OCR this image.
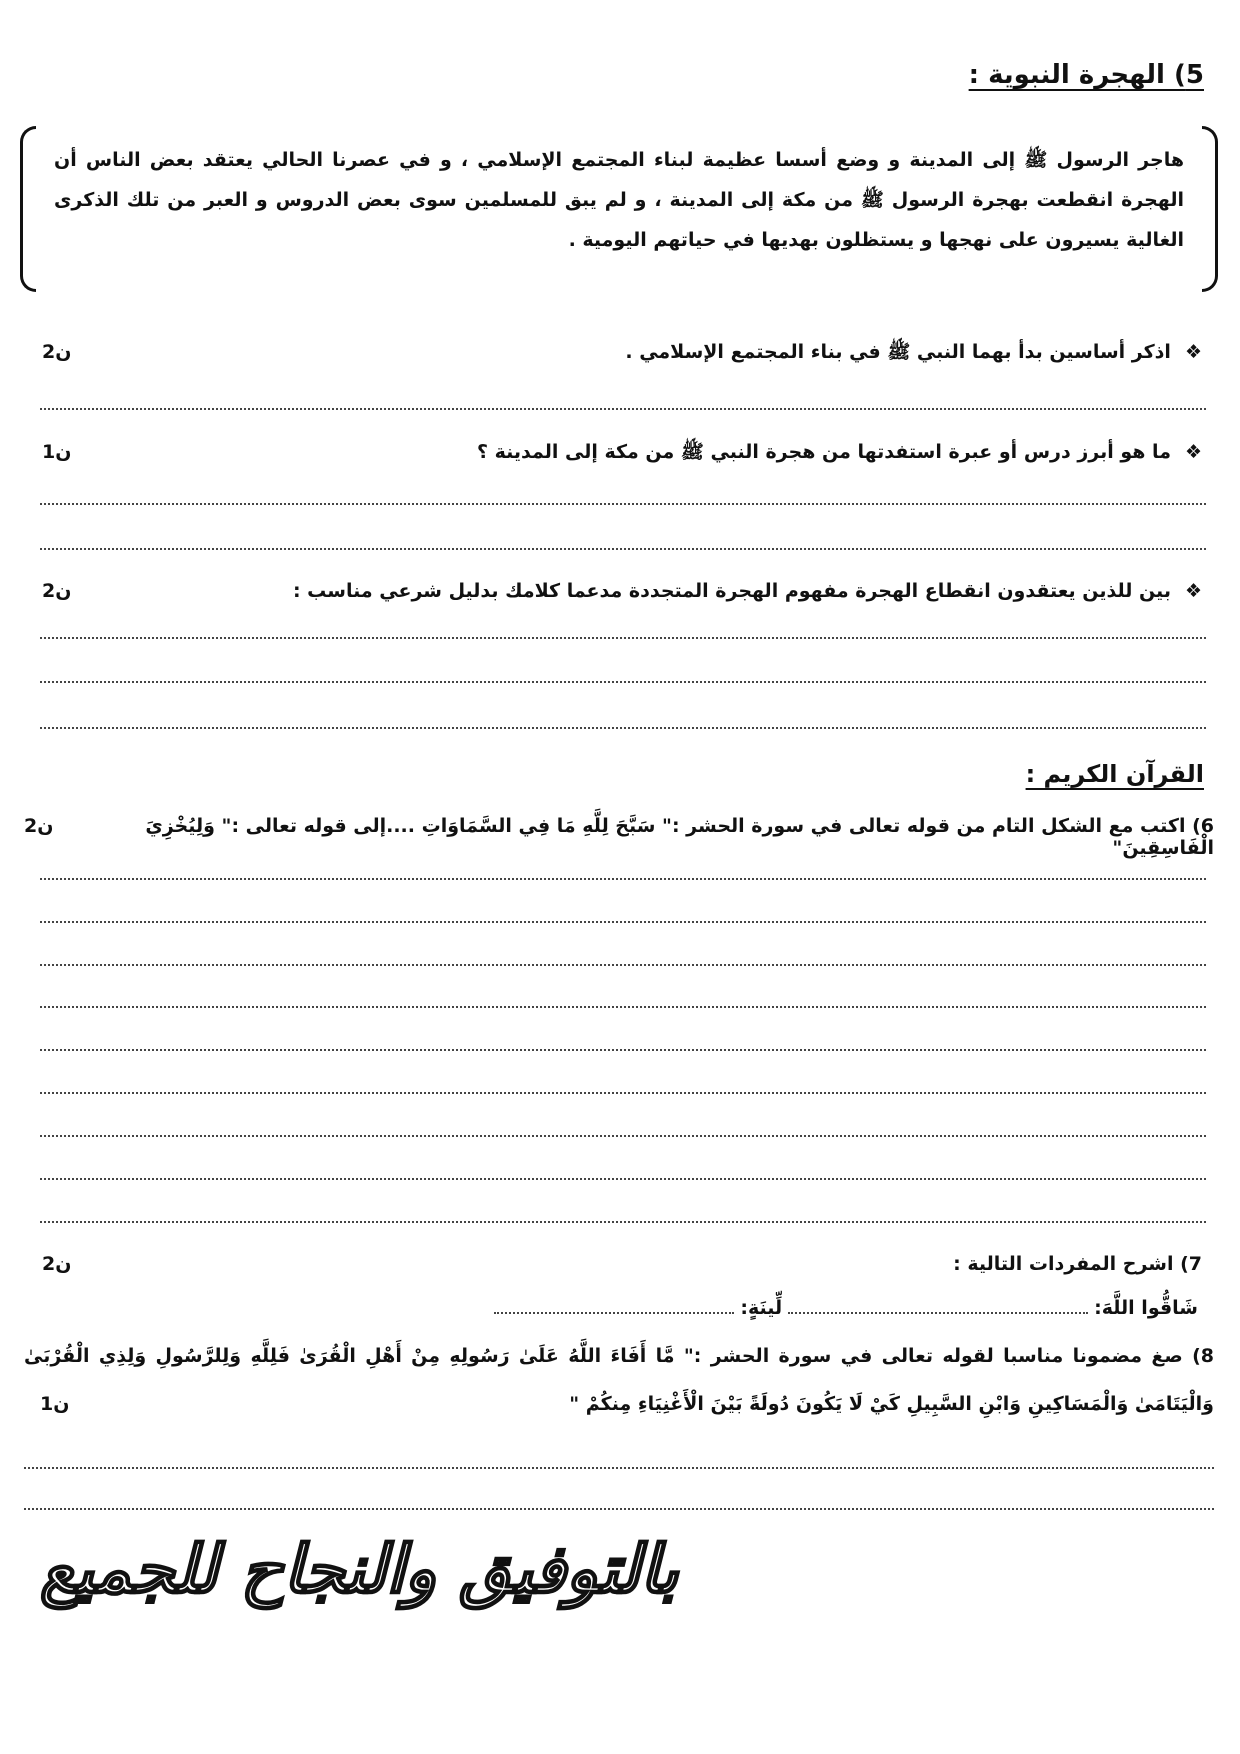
5) الهجرة النبوية :
هاجر الرسول ﷺ إلى المدينة و وضع أسسا عظيمة لبناء المجتمع الإسلامي ، و في عصرنا الحالي يعتقد بعض الناس أن
الهجرة انقطعت بهجرة الرسول ﷺ من مكة إلى المدينة ، و لم يبق للمسلمين سوى بعض الدروس و العبر من تلك الذكرى
الغالية يسيرون على نهجها و يستظلون بهديها في حياتهم اليومية .
❖اذكر أساسين بدأ بهما النبي ﷺ في بناء المجتمع الإسلامي .
2ن
❖ما هو أبرز درس أو عبرة استفدتها من هجرة النبي ﷺ من مكة إلى المدينة ؟
1ن
❖بين للذين يعتقدون انقطاع الهجرة مفهوم الهجرة المتجددة مدعما كلامك بدليل شرعي مناسب :
2ن
القرآن الكريم :
6) اكتب مع الشكل التام من قوله تعالى في سورة الحشر :" سَبَّحَ لِلَّهِ مَا فِي السَّمَاوَاتِ ....إلى قوله تعالى :" وَلِيُخْزِيَ الْفَاسِقِينَ"
2ن
7) اشرح المفردات التالية :
2ن
شَاقُّوا اللَّهَ:
لِّينَةٍ:
8) صغ مضمونا مناسبا لقوله تعالى في سورة الحشر :" مَّا أَفَاءَ اللَّهُ عَلَىٰ رَسُولِهِ مِنْ أَهْلِ الْقُرَىٰ فَلِلَّهِ وَلِلرَّسُولِ وَلِذِي الْقُرْبَىٰ
وَالْيَتَامَىٰ وَالْمَسَاكِينِ وَابْنِ السَّبِيلِ كَيْ لَا يَكُونَ دُولَةً بَيْنَ الْأَغْنِيَاءِ مِنكُمْ "
1ن
بالتوفيق والنجاح للجميع
